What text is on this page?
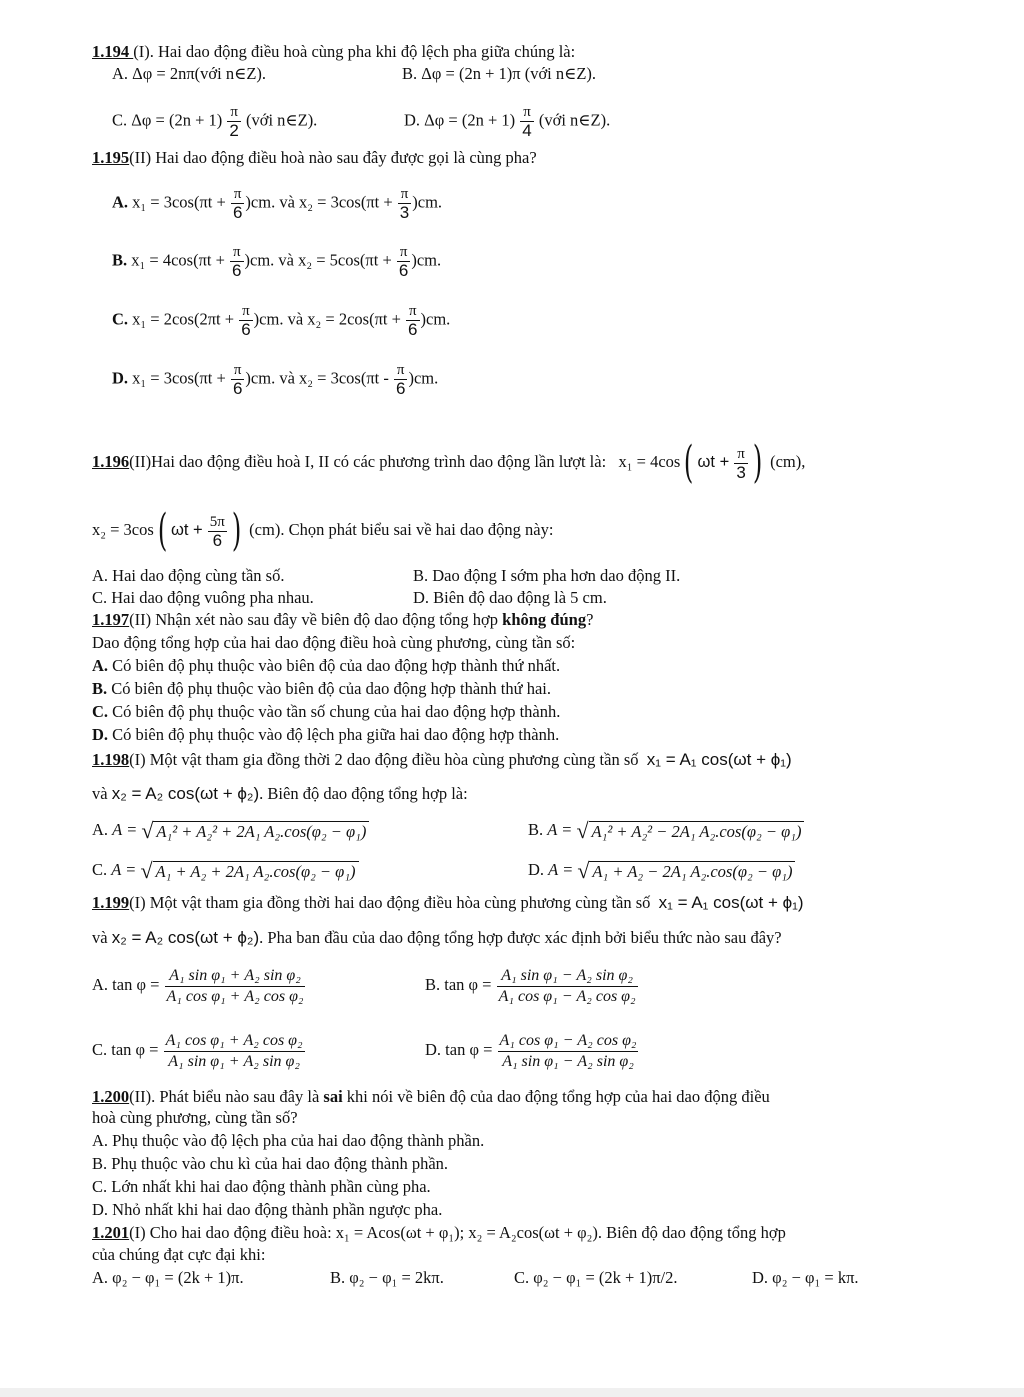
1.194 (I). Hai dao động điều hoà cùng pha khi độ lệch pha giữa chúng là:
A. Δφ = 2nπ(với n∈Z).	B. Δφ = (2n + 1)π (với n∈Z).
C. $\Delta\varphi = (2n + 1) \frac{\pi}{2}$ (với n∈Z).	D. $\Delta\varphi = (2n + 1) \frac{\pi}{4}$ (với n∈Z).
1.195(II) Hai dao động điều hoà nào sau đây được gọi là cùng pha?
A. $x_1 = 3\cos(\pi t + \frac{\pi}{6} )cm$. và $x_2 = 3\cos(\pi t + \frac{\pi}{3} )cm$.
B. $x_1 = 4\cos(\pi t + \frac{\pi}{6} )cm$. và $x_2 = 5\cos(\pi t + \frac{\pi}{6} )cm$.
C. $x_1 = 2\cos(2\pi t + \frac{\pi}{6} )cm$. và $x_2 = 2\cos(\pi t + \frac{\pi}{6} )cm$.
D. $x_1 = 3\cos(\pi t + \frac{\pi}{6} )cm$. và $x_2 = 3\cos(\pi t - \frac{\pi}{6} )cm$.
1.196(II)Hai dao động điều hoà I, II có các phương trình dao động lần lượt là: x₁ = 4cos( $\omega t + \frac{\pi}{3}$ ) (cm),
x₂ = 3cos( $\omega t + \frac{5\pi}{6}$ ) (cm). Chọn phát biểu sai về hai dao động này:
A. Hai dao động cùng tần số.	B. Dao động I sớm pha hơn dao động II.
C. Hai dao động vuông pha nhau.	D. Biên độ dao động là 5 cm.
1.197(II) Nhận xét nào sau đây về biên độ dao động tổng hợp không đúng?
Dao động tổng hợp của hai dao động điều hoà cùng phương, cùng tần số:
A. Có biên độ phụ thuộc vào biên độ của dao động hợp thành thứ nhất.
B. Có biên độ phụ thuộc vào biên độ của dao động hợp thành thứ hai.
C. Có biên độ phụ thuộc vào tần số chung của hai dao động hợp thành.
D. Có biên độ phụ thuộc vào độ lệch pha giữa hai dao động hợp thành.
1.198(I) Một vật tham gia đồng thời 2 dao động điều hòa cùng phương cùng tần số x₁ = A₁ cos(ωt + ϕ₁)
và x₂ = A₂ cos(ωt + ϕ₂). Biên độ dao động tổng hợp là:
A. A = √ A₁² + A₂² + 2A₁ A₂.cos(φ₂ − φ₁)	B. A = √ A₁² + A₂² − 2A₁ A₂.cos(φ₂ − φ₁)
C. A = √ A₁ + A₂ + 2A₁ A₂.cos(φ₂ − φ₁)	D. A = √ A₁ + A₂ − 2A₁ A₂.cos(φ₂ − φ₁)
1.199(I) Một vật tham gia đồng thời hai dao động điều hòa cùng phương cùng tần số x₁ = A₁ cos(ωt + ϕ₁)
và x₂ = A₂ cos(ωt + ϕ₂). Pha ban đầu của dao động tổng hợp được xác định bởi biểu thức nào sau đây?
A. $\tan \varphi = \frac{\text{A₁ sin φ₁ + A₂ sin φ₂}}{\text{A₁ cos φ₁ + A₂ cos φ₂}}$	B. $\tan \varphi = \frac{\text{A₁ sin φ₁ − A₂ sin φ₂}}{\text{A₁ cos φ₁ − A₂ cos φ₂}}$
C. $\tan \varphi = \frac{\text{A₁ cos φ₁ + A₂ cos φ₂}}{\text{A₁ sin φ₁ + A₂ sin φ₂}}$	D. $\tan \varphi = \frac{\text{A₁ cos φ₁ − A₂ cos φ₂}}{\text{A₁ sin φ₁ − A₂ sin φ₂}}$
1.200(II). Phát biểu nào sau đây là sai khi nói về biên độ của dao động tổng hợp của hai dao động điều
hoà cùng phương, cùng tần số?
A. Phụ thuộc vào độ lệch pha của hai dao động thành phần.
B. Phụ thuộc vào chu kì của hai dao động thành phần.
C. Lớn nhất khi hai dao động thành phần cùng pha.
D. Nhỏ nhất khi hai dao động thành phần ngược pha.
1.201(I) Cho hai dao động điều hoà: x₁ = Acos(ωt + φ₁); x₂ = A₂cos(ωt + φ₂). Biên độ dao động tổng hợp
của chúng đạt cực đại khi:
A. φ₂ − φ₁ = (2k + 1)π.	B. φ₂ − φ₁ = 2kπ.	C. φ₂ − φ₁ = (2k + 1)π/2.	D. φ₂ − φ₁ = kπ.
